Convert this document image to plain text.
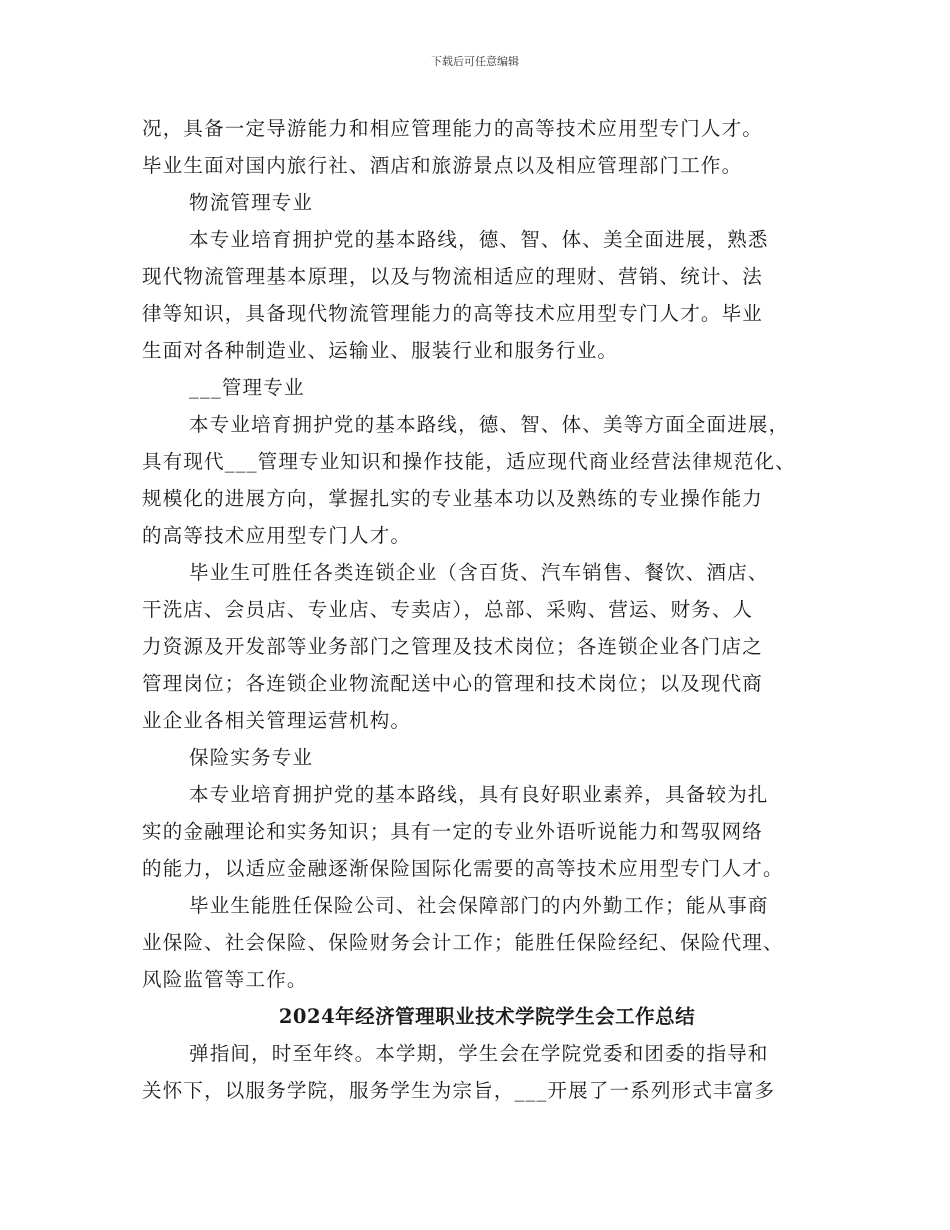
下载后可任意编辑
况，具备一定导游能力和相应管理能力的高等技术应用型专门人才。
毕业生面对国内旅行社、酒店和旅游景点以及相应管理部门工作。
物流管理专业
本专业培育拥护党的基本路线，德、智、体、美全面进展，熟悉
现代物流管理基本原理，以及与物流相适应的理财、营销、统计、法
律等知识，具备现代物流管理能力的高等技术应用型专门人才。毕业
生面对各种制造业、运输业、服装行业和服务行业。
___管理专业
本专业培育拥护党的基本路线，德、智、体、美等方面全面进展，
具有现代___管理专业知识和操作技能，适应现代商业经营法律规范化、
规模化的进展方向，掌握扎实的专业基本功以及熟练的专业操作能力
的高等技术应用型专门人才。
毕业生可胜任各类连锁企业（含百货、汽车销售、餐饮、酒店、
干洗店、会员店、专业店、专卖店），总部、采购、营运、财务、人
力资源及开发部等业务部门之管理及技术岗位；各连锁企业各门店之
管理岗位；各连锁企业物流配送中心的管理和技术岗位；以及现代商
业企业各相关管理运营机构。
保险实务专业
本专业培育拥护党的基本路线，具有良好职业素养，具备较为扎
实的金融理论和实务知识；具有一定的专业外语听说能力和驾驭网络
的能力，以适应金融逐渐保险国际化需要的高等技术应用型专门人才。
毕业生能胜任保险公司、社会保障部门的内外勤工作；能从事商
业保险、社会保险、保险财务会计工作；能胜任保险经纪、保险代理、
风险监管等工作。
2024年经济管理职业技术学院学生会工作总结
弹指间，时至年终。本学期，学生会在学院党委和团委的指导和
关怀下，以服务学院，服务学生为宗旨，___开展了一系列形式丰富多
